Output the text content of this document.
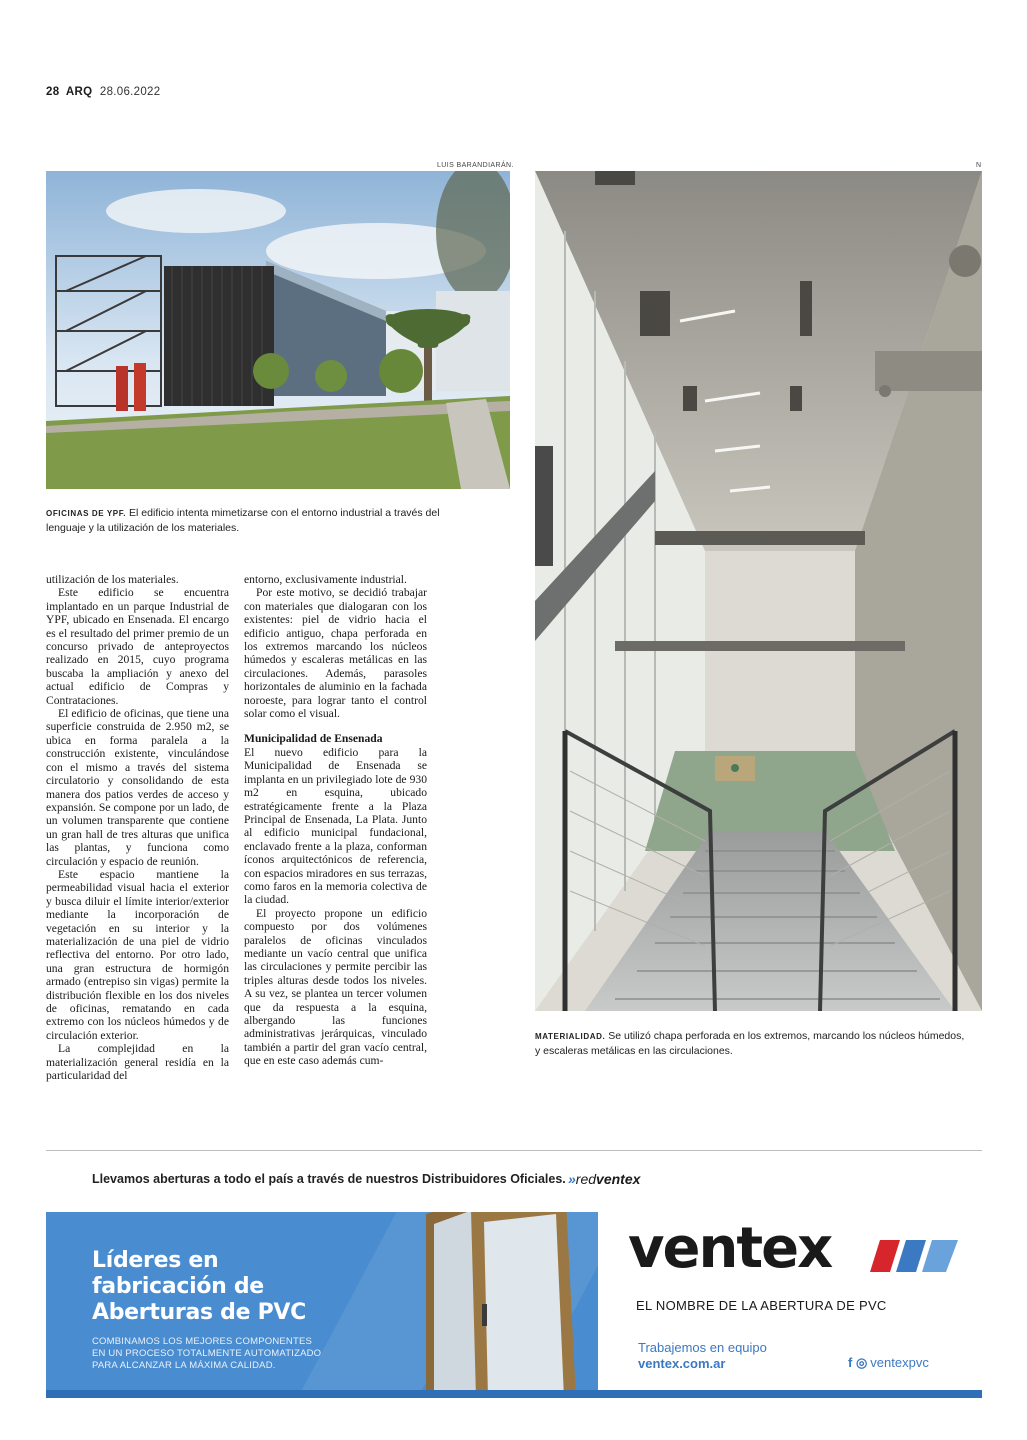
28 ARQ 28.06.2022
LUIS BARANDIARÁN.	N
OFICINAS DE YPF. El edificio intenta mimetizarse con el entorno industrial a través del lenguaje y la utilización de los materiales.
MATERIALIDAD. Se utilizó chapa perforada en los extremos, marcando los núcleos húmedos, y escaleras metálicas en las circulaciones.

utilización de los materiales.

Este edificio se encuentra implantado en un parque Industrial de YPF, ubicado en Ensenada. El encargo es el resultado del primer premio de un concurso privado de anteproyectos realizado en 2015, cuyo programa buscaba la ampliación y anexo del actual edificio de Compras y Contrataciones.

El edificio de oficinas, que tiene una superficie construida de 2.950 m2, se ubica en forma paralela a la construcción existente, vinculándose con el mismo a través del sistema circulatorio y consolidando de esta manera dos patios verdes de acceso y expansión. Se compone por un lado, de un volumen transparente que contiene un gran hall de tres alturas que unifica las plantas, y funciona como circulación y espacio de reunión.

Este espacio mantiene la permeabilidad visual hacia el exterior y busca diluir el límite interior/exterior mediante la incorporación de vegetación en su interior y la materialización de una piel de vidrio reflectiva del entorno. Por otro lado, una gran estructura de hormigón armado (entrepiso sin vigas) permite la distribución flexible en los dos niveles de oficinas, rematando en cada extremo con los núcleos húmedos y de circulación exterior.

La complejidad en la materialización general residía en la particularidad del

entorno, exclusivamente industrial.

Por este motivo, se decidió trabajar con materiales que dialogaran con los existentes: piel de vidrio hacia el edificio antiguo, chapa perforada en los extremos marcando los núcleos húmedos y escaleras metálicas en las circulaciones. Además, parasoles horizontales de aluminio en la fachada noroeste, para lograr tanto el control solar como el visual.

Municipalidad de Ensenada

El nuevo edificio para la Municipalidad de Ensenada se implanta en un privilegiado lote de 930 m2 en esquina, ubicado estratégicamente frente a la Plaza Principal de Ensenada, La Plata. Junto al edificio municipal fundacional, enclavado frente a la plaza, conforman íconos arquitectónicos de referencia, con espacios miradores en sus terrazas, como faros en la memoria colectiva de la ciudad.

El proyecto propone un edificio compuesto por dos volúmenes paralelos de oficinas vinculados mediante un vacío central que unifica las circulaciones y permite percibir las triples alturas desde todos los niveles. A su vez, se plantea un tercer volumen que da respuesta a la esquina, albergando las funciones administrativas jerárquicas, vinculado también a partir del gran vacío central, que en este caso además cum-

Llevamos aberturas a todo el país a través de nuestros Distribuidores Oficiales. »redventex
Líderes en
fabricación de
Aberturas de PVC
COMBINAMOS LOS MEJORES COMPONENTES
EN UN PROCESO TOTALMENTE AUTOMATIZADO
PARA ALCANZAR LA MÁXIMA CALIDAD.
ventex
EL NOMBRE DE LA ABERTURA DE PVC
Trabajemos en equipo
ventex.com.ar	f ◎ ventexpvc
